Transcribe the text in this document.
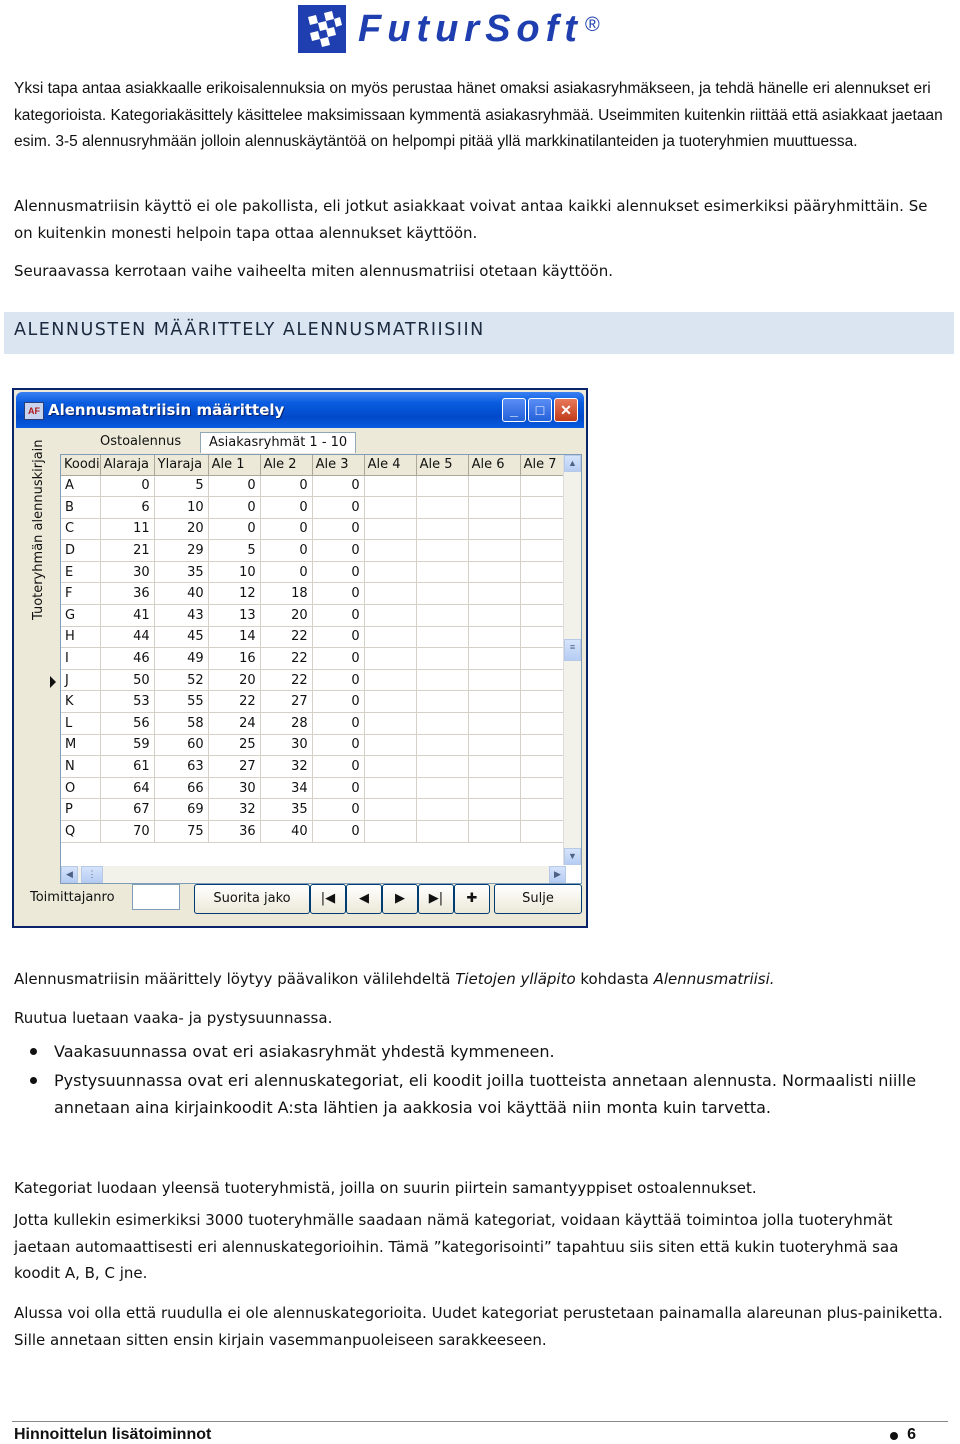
FuturSoft ®
Yksi tapa antaa asiakkaalle erikoisalennuksia on myös perustaa hänet omaksi asiakasryhmäkseen, ja tehdä hänelle eri alennukset eri kategorioista. Kategoriakäsittely käsittelee maksimissaan kymmentä asiakasryhmää. Useimmiten kuitenkin riittää että asiakkaat jaetaan esim. 3-5 alennusryhmään jolloin alennuskäytäntöä on helpompi pitää yllä markkinatilanteiden ja tuoteryhmien muuttuessa.
Alennusmatriisin käyttö ei ole pakollista, eli jotkut asiakkaat voivat antaa kaikki alennukset esimerkiksi pääryhmittäin. Se on kuitenkin monesti helpoin tapa ottaa alennukset käyttöön.
Seuraavassa kerrotaan vaihe vaiheelta miten alennusmatriisi otetaan käyttöön.
ALENNUSTEN MÄÄRITTELY ALENNUSMATRIISIIN
AF Alennusmatriisin määrittely	_	□	✕
Ostoalennus	Asiakasryhmät 1 - 10
Tuoteryhmän alennuskirjain Koodi	Alaraja	Ylaraja	Ale 1	Ale 2	Ale 3	Ale 4	Ale 5	Ale 6	Ale 7
A	0	5	0	0	0				
B	6	10	0	0	0				
C	11	20	0	0	0				
D	21	29	5	0	0				
E	30	35	10	0	0				
F	36	40	12	18	0				
G	41	43	13	20	0				
H	44	45	14	22	0				
I	46	49	16	22	0				
J	50	52	20	22	0				
K	53	55	22	27	0				
L	56	58	24	28	0				
M	59	60	25	30	0				
N	61	63	27	32	0				
O	64	66	30	34	0				
P	67	69	32	35	0				
Q	70	75	36	40	0				
▲
≡
▼
◀	⋮	▶
Toimittajanro	Suorita jako	|◀	◀	▶	▶|	✚	Sulje
Alennusmatriisin määrittely löytyy päävalikon välilehdeltä Tietojen ylläpito kohdasta Alennusmatriisi.
Ruutua luetaan vaaka- ja pystysuunnassa.
Vaakasuunnassa ovat eri asiakasryhmät yhdestä kymmeneen.
Pystysuunnassa ovat eri alennuskategoriat, eli koodit joilla tuotteista annetaan alennusta. Normaalisti niille annetaan aina kirjainkoodit A:sta lähtien ja aakkosia voi käyttää niin monta kuin tarvetta.
Kategoriat luodaan yleensä tuoteryhmistä, joilla on suurin piirtein samantyyppiset ostoalennukset.
Jotta kullekin esimerkiksi 3000 tuoteryhmälle saadaan nämä kategoriat, voidaan käyttää toimintoa jolla tuoteryhmät jaetaan automaattisesti eri alennuskategorioihin. Tämä ”kategorisointi” tapahtuu siis siten että kukin tuoteryhmä saa koodit A, B, C jne.
Alussa voi olla että ruudulla ei ole alennuskategorioita. Uudet kategoriat perustetaan painamalla alareunan plus-painiketta. Sille annetaan sitten ensin kirjain vasemmanpuoleiseen sarakkeeseen.
Hinnoittelun lisätoiminnot	6
